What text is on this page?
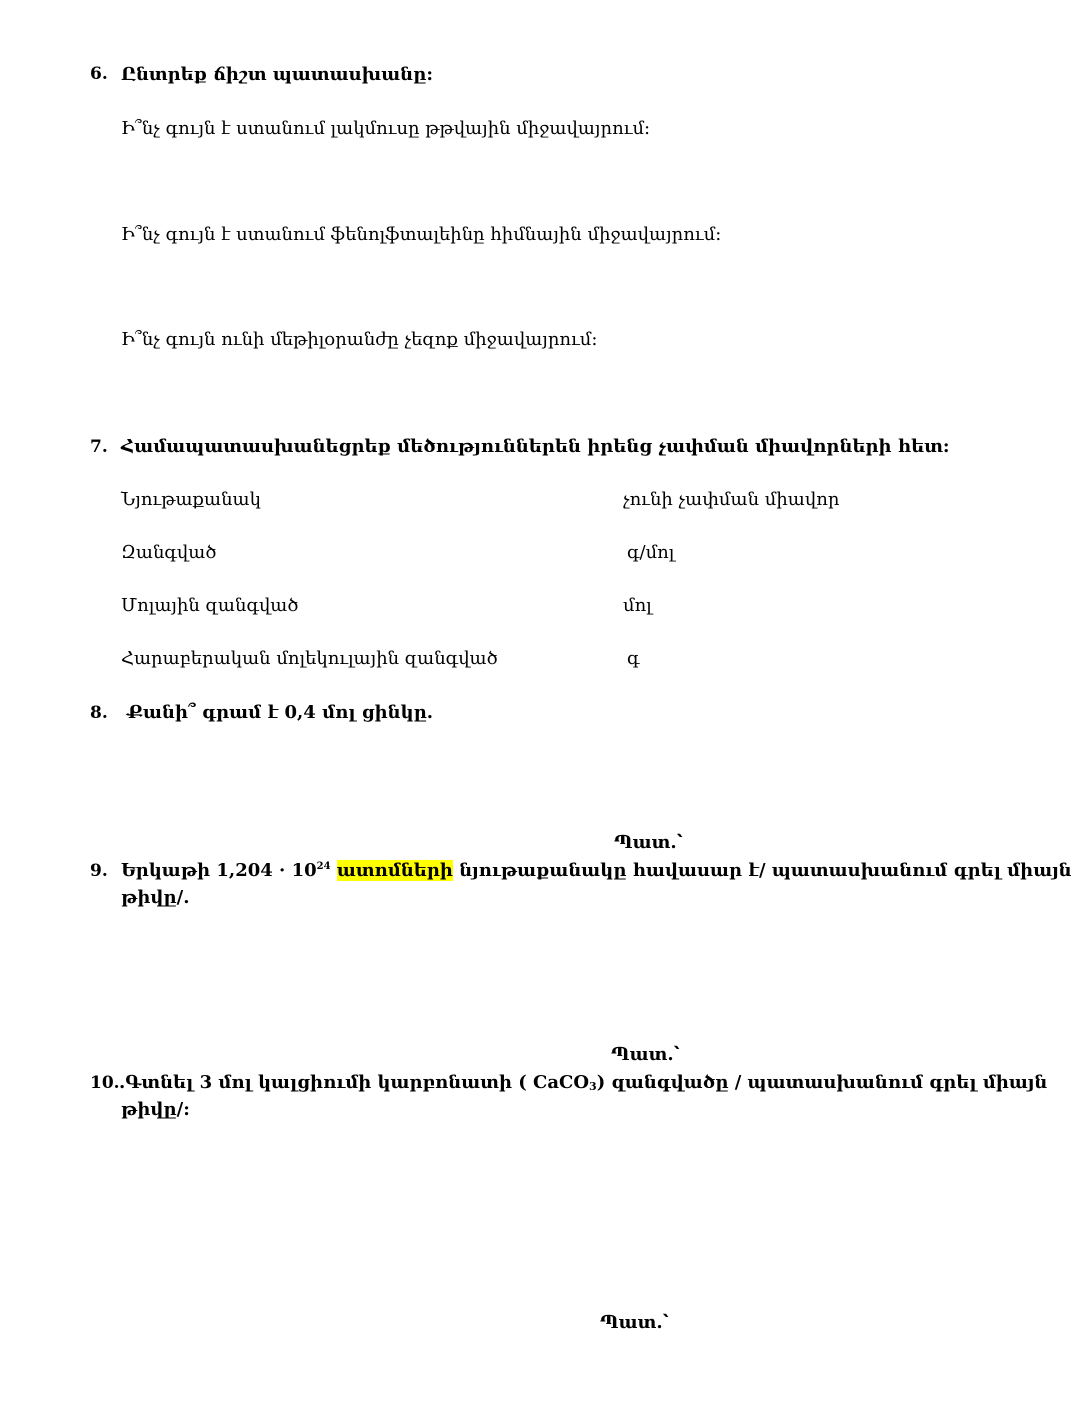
6. Ընտրեք ճիշտ պատասխանը:
Ի՞նչ գույն է ստանում լակմուսը թթվային միջավայրում:
Ի՞նչ գույն է ստանում ֆենոլֆտալեինը հիմնային միջավայրում:
Ի՞նչ գույն ունի մեթիլօրանժը չեզոք միջավայրում:
7. Համապատասխանեցրեք մեծություններեն իրենց չափման միավորների հետ:
Նյութաքանակ
Զանգված
Մոլային զանգված
Հարաբերական մոլեկուլային զանգված
չունի չափման միավոր
գ/մոլ
մոլ
գ
8. Քանի՞ գրամ է 0,4 մոլ ցինկը.
Պատ.՝
9. Երկաթի $1,204 \cdot 10^{24}$ ատոմների նյութաքանակը հավասար է/ պատասխանում գրել միայն
թիվը/.
Պատ.՝
10. .Գտնել 3 մոլ կալցիումի կարբոնատի ( CaCO$_3$) զանգվածը / պատասխանում գրել միայն
թիվը/:
Պատ.՝
